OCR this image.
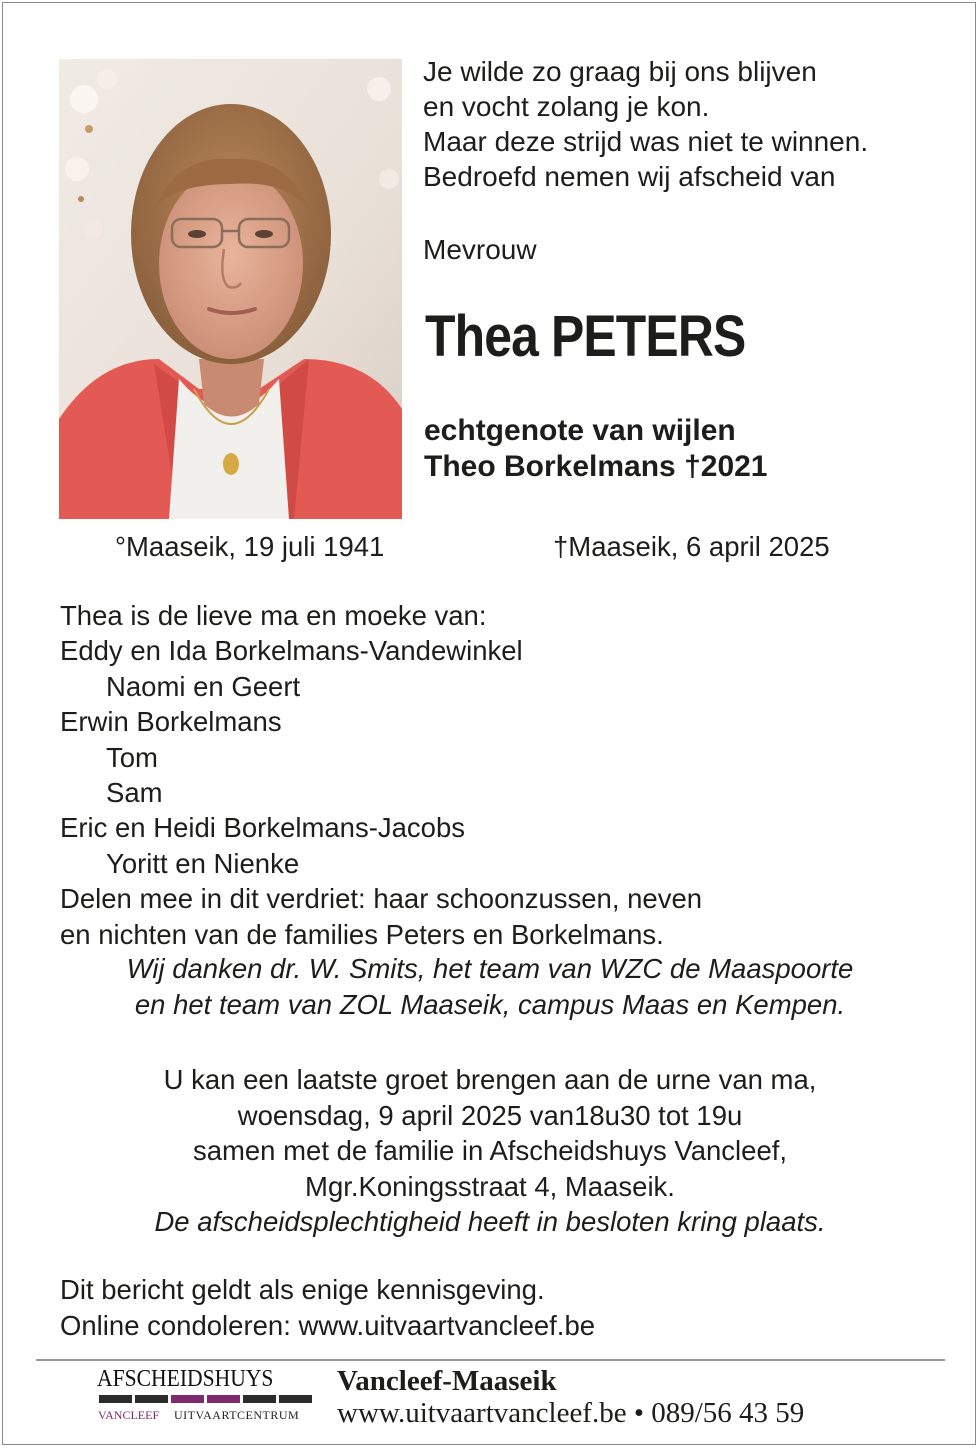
Je wilde zo graag bij ons blijven
en vocht zolang je kon.
Maar deze strijd was niet te winnen.
Bedroefd nemen wij afscheid van
Mevrouw
Thea PETERS
echtgenote van wijlen
Theo Borkelmans †2021
°Maaseik, 19 juli 1941	†Maaseik, 6 april 2025
Thea is de lieve ma en moeke van:
Eddy en Ida Borkelmans-Vandewinkel
Naomi en Geert
Erwin Borkelmans
Tom
Sam
Eric en Heidi Borkelmans-Jacobs
Yoritt en Nienke
Delen mee in dit verdriet: haar schoonzussen, neven
en nichten van de families Peters en Borkelmans.
Wij danken dr. W. Smits, het team van WZC de Maaspoorte
en het team van ZOL Maaseik, campus Maas en Kempen.
U kan een laatste groet brengen aan de urne van ma,
woensdag, 9 april 2025 van18u30 tot 19u
samen met de familie in Afscheidshuys Vancleef,
Mgr.Koningsstraat 4, Maaseik.
De afscheidsplechtigheid heeft in besloten kring plaats.
Dit bericht geldt als enige kennisgeving.
Online condoleren: www.uitvaartvancleef.be
AFSCHEIDSHUYS
VANCLEEF UITVAARTCENTRUM
Vancleef-Maaseik
www.uitvaartvancleef.be • 089/56 43 59
